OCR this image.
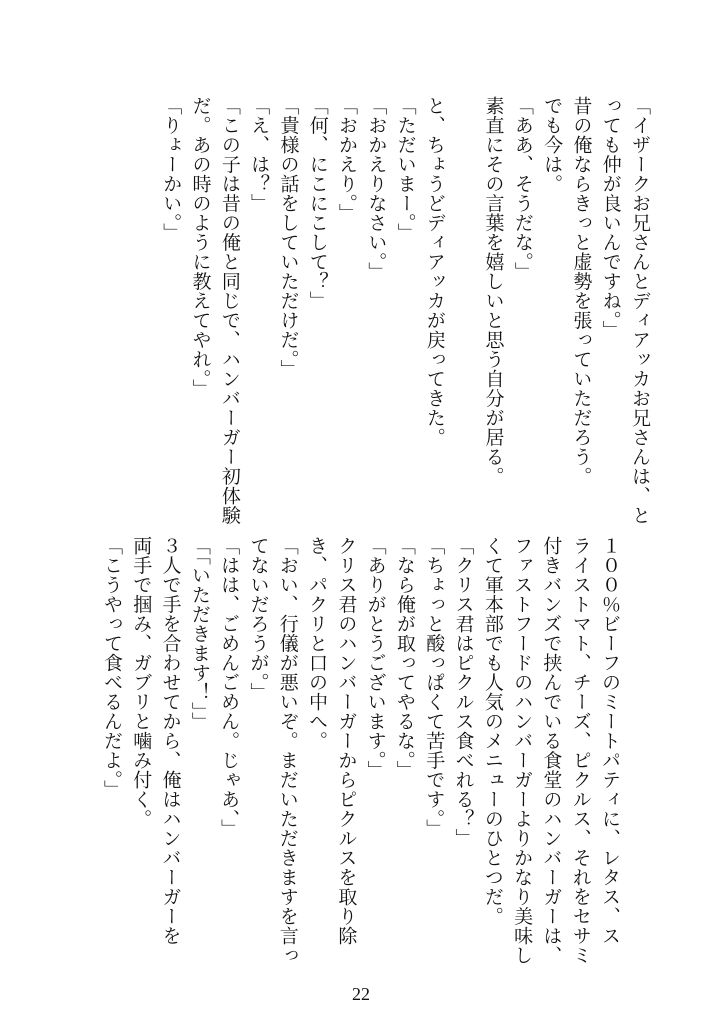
「イザークお兄さんとディアッカお兄さんは、と
っても仲が良いんですね。」
昔の俺ならきっと虚勢を張っていただろう。
でも今は。
「ああ、そうだな。」
素直にその言葉を嬉しいと思う自分が居る。
と、ちょうどディアッカが戻ってきた。
「ただいまー。」
「おかえりなさい。」
「おかえり。」
「何、にこにこして？」
「貴様の話をしていただけだ。」
「え、は？」
「この子は昔の俺と同じで、ハンバーガー初体験
だ。あの時のように教えてやれ。」
「りょーかい。」
１００％ビーフのミートパティに、レタス、ス
ライストマト、チーズ、ピクルス、それをセサミ
付きバンズで挟んでいる食堂のハンバーガーは、
ファストフードのハンバーガーよりかなり美味し
くて軍本部でも人気のメニューのひとつだ。
「クリス君はピクルス食べれる？」
「ちょっと酸っぱくて苦手です。」
「なら俺が取ってやるな。」
「ありがとうございます。」
クリス君のハンバーガーからピクルスを取り除
き、パクリと口の中へ。
「おい、行儀が悪いぞ。まだいただきますを言っ
てないだろうが。」
「はは、ごめんごめん。じゃあ、」
「「いただきます！」」
３人で手を合わせてから、俺はハンバーガーを
両手で掴み、ガブリと噛み付く。
「こうやって食べるんだよ。」
22
